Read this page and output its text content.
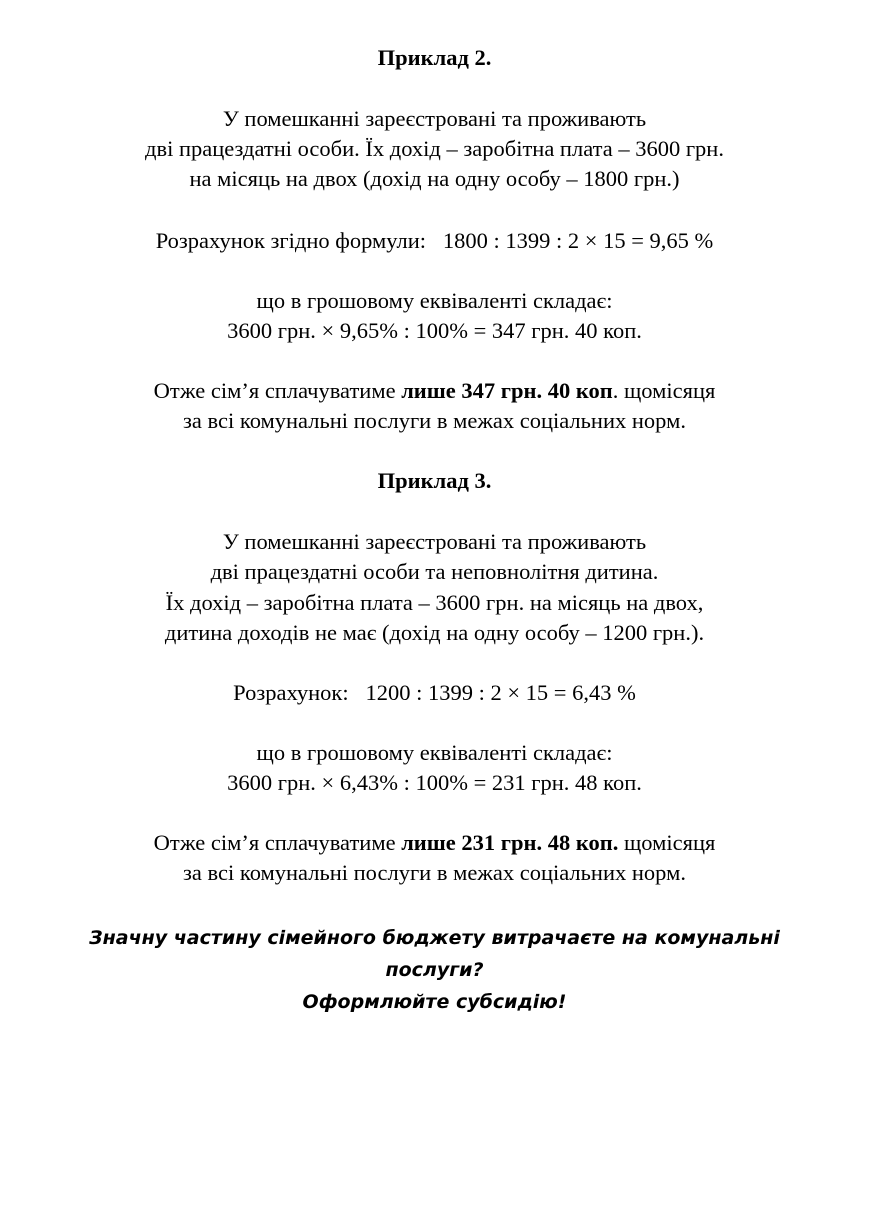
Приклад 2.
У помешканні зареєстровані та проживають
дві працездатні особи. Їх дохід – заробітна плата – 3600 грн.
на місяць на двох (дохід на одну особу – 1800 грн.)
Розрахунок згідно формули: 1800 : 1399 : 2 × 15 = 9,65 %
що в грошовому еквіваленті складає:
3600 грн. × 9,65% : 100% = 347 грн. 40 коп.
Отже сім’я сплачуватиме лише 347 грн. 40 коп. щомісяця
за всі комунальні послуги в межах соціальних норм.
Приклад 3.
У помешканні зареєстровані та проживають
дві працездатні особи та неповнолітня дитина.
Їх дохід – заробітна плата – 3600 грн. на місяць на двох,
дитина доходів не має (дохід на одну особу – 1200 грн.).
Розрахунок: 1200 : 1399 : 2 × 15 = 6,43 %
що в грошовому еквіваленті складає:
3600 грн. × 6,43% : 100% = 231 грн. 48 коп.
Отже сім’я сплачуватиме лише 231 грн. 48 коп. щомісяця
за всі комунальні послуги в межах соціальних норм.
Значну частину сімейного бюджету витрачаєте на комунальні
послуги?
Оформлюйте субсидію!
